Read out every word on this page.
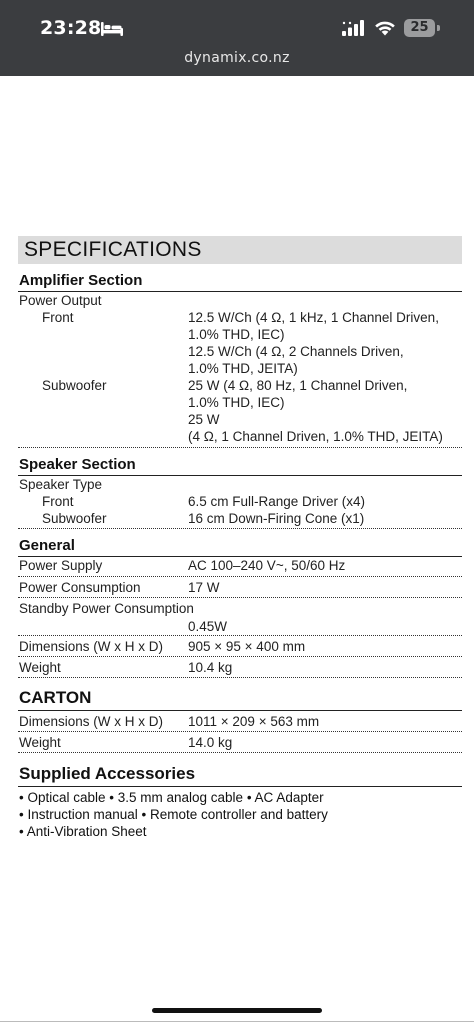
23:28	25
dynamix.co.nz
SPECIFICATIONS
Amplifier Section
Power Output
Front	12.5 W/Ch (4 Ω, 1 kHz, 1 Channel Driven,
1.0% THD, IEC)
12.5 W/Ch (4 Ω, 2 Channels Driven,
1.0% THD, JEITA)
Subwoofer	25 W (4 Ω, 80 Hz, 1 Channel Driven,
1.0% THD, IEC)
25 W
(4 Ω, 1 Channel Driven, 1.0% THD, JEITA)
Speaker Section
Speaker Type
Front	6.5 cm Full-Range Driver (x4)
Subwoofer	16 cm Down-Firing Cone (x1)
General
Power Supply	AC 100–240 V~, 50/60 Hz
Power Consumption	17 W
Standby Power Consumption
0.45W
Dimensions (W x H x D) 905 × 95 × 400 mm
Weight	10.4 kg
CARTON
Dimensions (W x H x D) 1011 × 209 × 563 mm
Weight	14.0 kg
Supplied Accessories
• Optical cable • 3.5 mm analog cable • AC Adapter
• Instruction manual • Remote controller and battery
• Anti-Vibration Sheet
